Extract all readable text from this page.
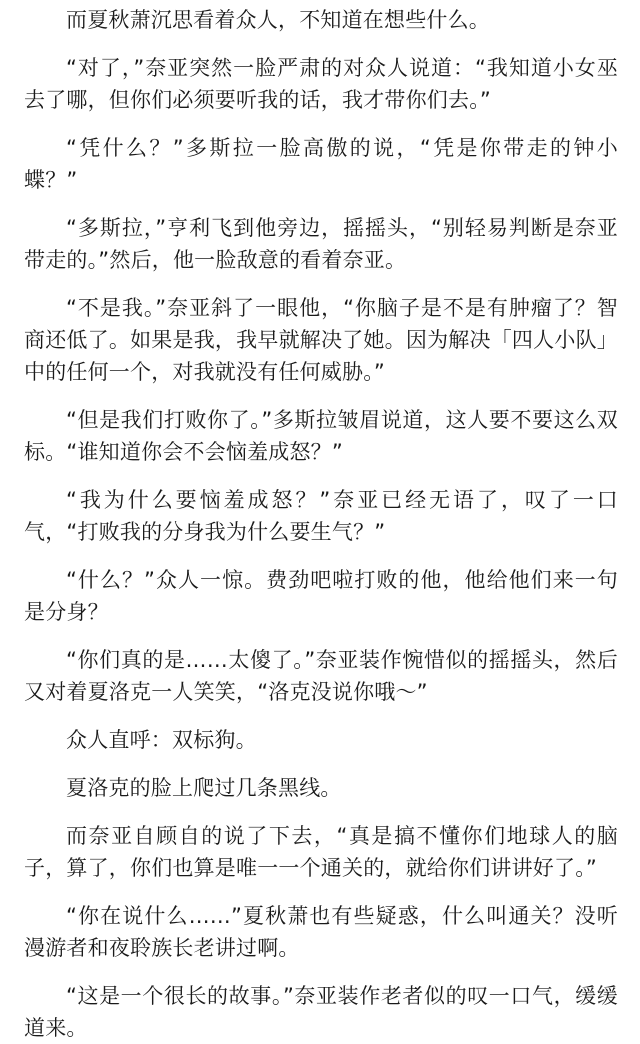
而夏秋萧沉思看着众人，不知道在想些什么。

“对了，”奈亚突然一脸严肃的对众人说道：“我知道小女巫去了哪，但你们必须要听我的话，我才带你们去。”

“凭什么？”多斯拉一脸高傲的说，“凭是你带走的钟小蝶？”

“多斯拉，”亨利飞到他旁边，摇摇头，“别轻易判断是奈亚带走的。”然后，他一脸敌意的看着奈亚。

“不是我。”奈亚斜了一眼他，“你脑子是不是有肿瘤了？智商还低了。如果是我，我早就解决了她。因为解决「四人小队」中的任何一个，对我就没有任何威胁。”

“但是我们打败你了。”多斯拉皱眉说道，这人要不要这么双标。“谁知道你会不会恼羞成怒？”

“我为什么要恼羞成怒？”奈亚已经无语了，叹了一口气，“打败我的分身我为什么要生气？”

“什么？”众人一惊。费劲吧啦打败的他，他给他们来一句是分身？

“你们真的是……太傻了。”奈亚装作惋惜似的摇摇头，然后又对着夏洛克一人笑笑，“洛克没说你哦～”

众人直呼：双标狗。

夏洛克的脸上爬过几条黑线。

而奈亚自顾自的说了下去，“真是搞不懂你们地球人的脑子，算了，你们也算是唯一一个通关的，就给你们讲讲好了。”

“你在说什么……”夏秋萧也有些疑惑，什么叫通关？没听漫游者和夜聆族长老讲过啊。

“这是一个很长的故事。”奈亚装作老者似的叹一口气，缓缓道来。
